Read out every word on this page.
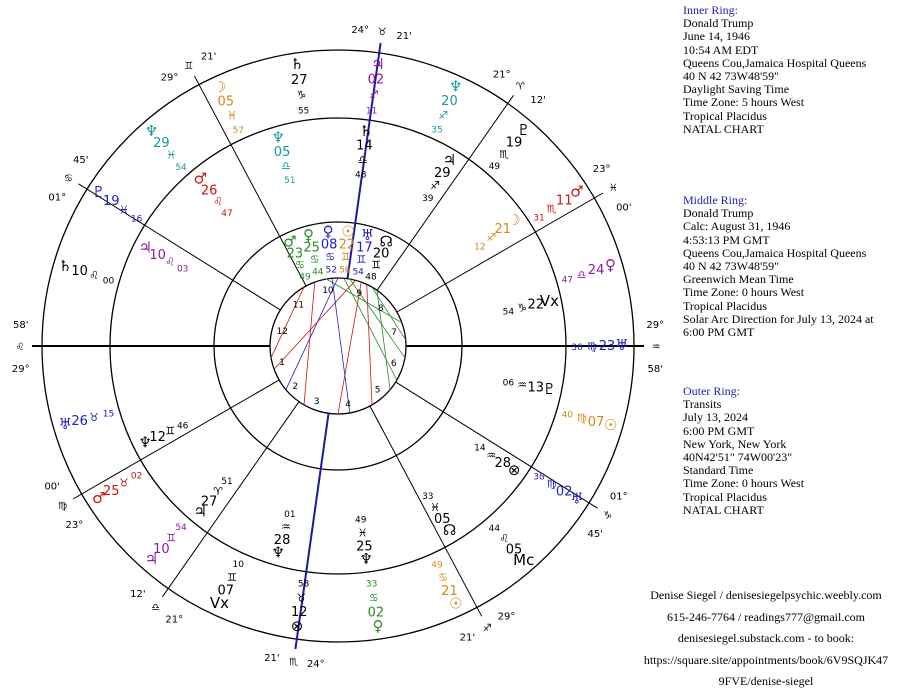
1
2
3	4
5
6
7
8
9
10
11
12
29°
♌
58'
23°
♍
00'
21°
♎
12'
24°
♏
21'
29°
♐
21'
01°
♑
45'
29°
♒
58'
23°
♓
00'
21°
♈
12'
24° ♉ 21'
29°
♊
21'
01°
♋
45'
♅ 26 ♉ 15
♂
25
♉
02
♃
10
♊
54
Vx
07
♊
10
⊗
12
♉
58
♀
02
♋
33
☉
21
♋
49	Mc
05
♌
44
♅
02
♍
38
☉
07
♍
40
♅
23
♍
36
♀
24
♎
47
♂
11
♏
31
♇
19
♏
49
♆
20
♐
35
♃
02
♐
11
♄
27
♑
55
☽
05
♓
57
♆
29
♓
54
♇
19
♓
16
♄ 10 ♌ 00
♆
12 ♊ 46
♃
27
♈
51
♆
28
♒
01
♆
25
♓
49
☊
05
♓
33
⊗
28
♒
14
♇
13
♒
06
Vx
22
♑
54
☽
21
♐
12
♃
29
♐
39
♄
14
♎
48
♆
05
♎
51
♂
26
♌
47
♃
10 ♌
03
☊
20
♊
48
♅
17
♊
54
☉
22
♊
56
♀
08
♋
52
♀
25
♋
44
♂
23
♋
49
Inner Ring:
Donald Trump
June 14, 1946
10:54 AM EDT
Queens Cou,Jamaica Hospital Queens
40 N 42 73W48'59"
Daylight Saving Time
Time Zone: 5 hours West
Tropical Placidus
NATAL CHART
Middle Ring:
Donald Trump
Calc: August 31, 1946
4:53:13 PM GMT
Queens Cou,Jamaica Hospital Queens
40 N 42 73W48'59"
Greenwich Mean Time
Time Zone: 0 hours West
Tropical Placidus
Solar Arc Direction for July 13, 2024 at
6:00 PM GMT
Outer Ring:
Transits
July 13, 2024
6:00 PM GMT
New York, New York
40N42'51" 74W00'23"
Standard Time
Time Zone: 0 hours West
Tropical Placidus
NATAL CHART
Denise Siegel / denisesiegelpsychic.weebly.com
615-246-7764 / readings777@gmail.com
denisesiegel.substack.com - to book:
https://square.site/appointments/book/6V9SQJK47
9FVE/denise-siegel
